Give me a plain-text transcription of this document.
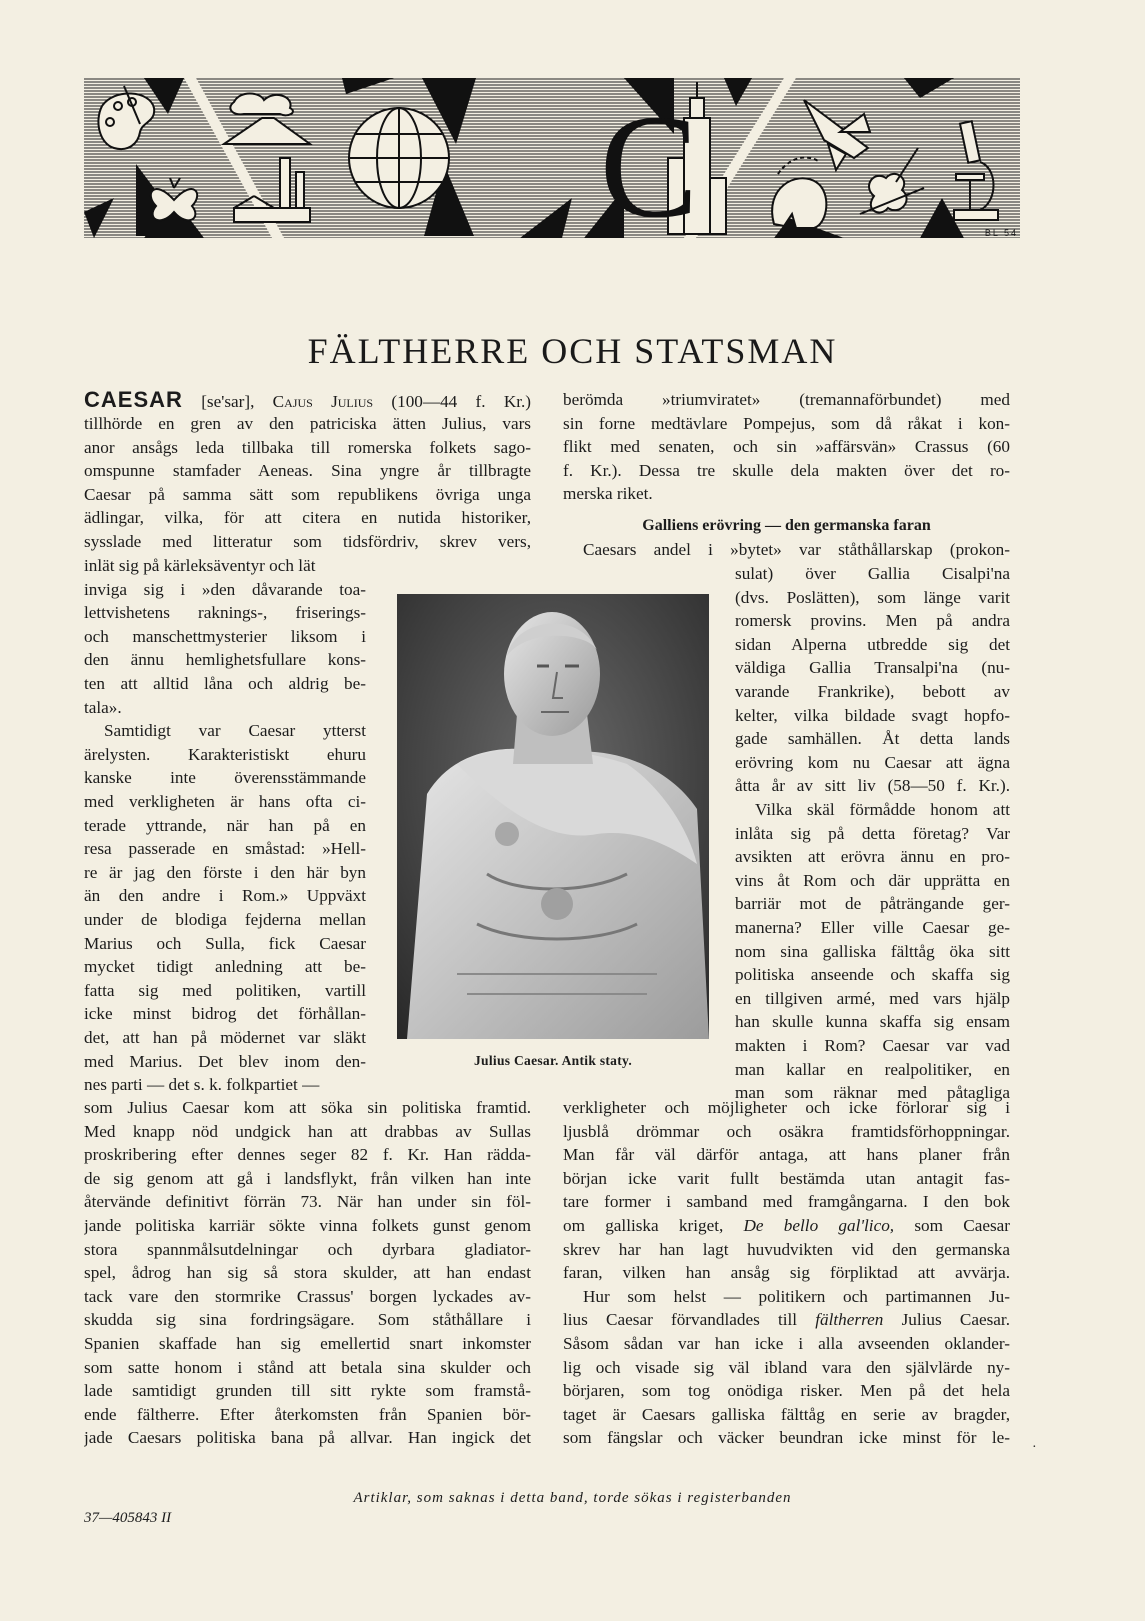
C	BL 54
FÄLTHERRE OCH STATSMAN
CAESAR [se'sar], Cajus Julius (100—44 f. Kr.)
tillhörde en gren av den patriciska ätten Julius, vars
anor ansågs leda tillbaka till romerska folkets sago-
omspunne stamfader Aeneas. Sina yngre år tillbragte
Caesar på samma sätt som republikens övriga unga
ädlingar, vilka, för att citera en nutida historiker,
sysslade med litteratur som tidsfördriv, skrev vers,
inlät sig på kärleksäventyr och lät
inviga sig i »den dåvarande toa-
lettvishetens raknings-, friserings-
och manschettmysterier liksom i
den ännu hemlighetsfullare kons-
ten att alltid låna och aldrig be-
tala».
Samtidigt var Caesar ytterst
ärelysten. Karakteristiskt ehuru
kanske inte överensstämmande
med verkligheten är hans ofta ci-
terade yttrande, när han på en
resa passerade en småstad: »Hell-
re är jag den förste i den här byn
än den andre i Rom.» Uppväxt
under de blodiga fejderna mellan
Marius och Sulla, fick Caesar
mycket tidigt anledning att be-
fatta sig med politiken, vartill
icke minst bidrog det förhållan-
det, att han på mödernet var släkt
med Marius. Det blev inom den-
nes parti — det s. k. folkpartiet —
som Julius Caesar kom att söka sin politiska framtid.
Med knapp nöd undgick han att drabbas av Sullas
proskribering efter dennes seger 82 f. Kr. Han rädda-
de sig genom att gå i landsflykt, från vilken han inte
återvände definitivt förrän 73. När han under sin föl-
jande politiska karriär sökte vinna folkets gunst genom
stora spannmålsutdelningar och dyrbara gladiator-
spel, ådrog han sig så stora skulder, att han endast
tack vare den stormrike Crassus' borgen lyckades av-
skudda sig sina fordringsägare. Som ståthållare i
Spanien skaffade han sig emellertid snart inkomster
som satte honom i stånd att betala sina skulder och
lade samtidigt grunden till sitt rykte som framstå-
ende fältherre. Efter återkomsten från Spanien bör-
jade Caesars politiska bana på allvar. Han ingick det
berömda »triumviratet» (tremannaförbundet) med
sin forne medtävlare Pompejus, som då råkat i kon-
flikt med senaten, och sin »affärsvän» Crassus (60
f. Kr.). Dessa tre skulle dela makten över det ro-
merska riket.
Galliens erövring — den germanska faran
Caesars andel i »bytet» var ståthållarskap (prokon-
sulat) över Gallia Cisalpi'na
(dvs. Poslätten), som länge varit
romersk provins. Men på andra
sidan Alperna utbredde sig det
väldiga Gallia Transalpi'na (nu-
varande Frankrike), bebott av
kelter, vilka bildade svagt hopfo-
gade samhällen. Åt detta lands
erövring kom nu Caesar att ägna
åtta år av sitt liv (58—50 f. Kr.).
Vilka skäl förmådde honom att
inlåta sig på detta företag? Var
avsikten att erövra ännu en pro-
vins åt Rom och där upprätta en
barriär mot de påträngande ger-
manerna? Eller ville Caesar ge-
nom sina galliska fälttåg öka sitt
politiska anseende och skaffa sig
en tillgiven armé, med vars hjälp
han skulle kunna skaffa sig ensam
makten i Rom? Caesar var vad
man kallar en realpolitiker, en
man som räknar med påtagliga
verkligheter och möjligheter och icke förlorar sig i
ljusblå drömmar och osäkra framtidsförhoppningar.
Man får väl därför antaga, att hans planer från
början icke varit fullt bestämda utan antagit fas-
tare former i samband med framgångarna. I den bok
om galliska kriget, De bello gal'lico, som Caesar
skrev har han lagt huvudvikten vid den germanska
faran, vilken han ansåg sig förpliktad att avvärja.
Hur som helst — politikern och partimannen Ju-
lius Caesar förvandlades till fältherren Julius Caesar.
Såsom sådan var han icke i alla avseenden oklander-
lig och visade sig väl ibland vara den självlärde ny-
börjaren, som tog onödiga risker. Men på det hela
taget är Caesars galliska fälttåg en serie av bragder,
som fängslar och väcker beundran icke minst för le-
Julius Caesar. Antik staty.
·
Artiklar, som saknas i detta band, torde sökas i registerbanden
37—405843 II
